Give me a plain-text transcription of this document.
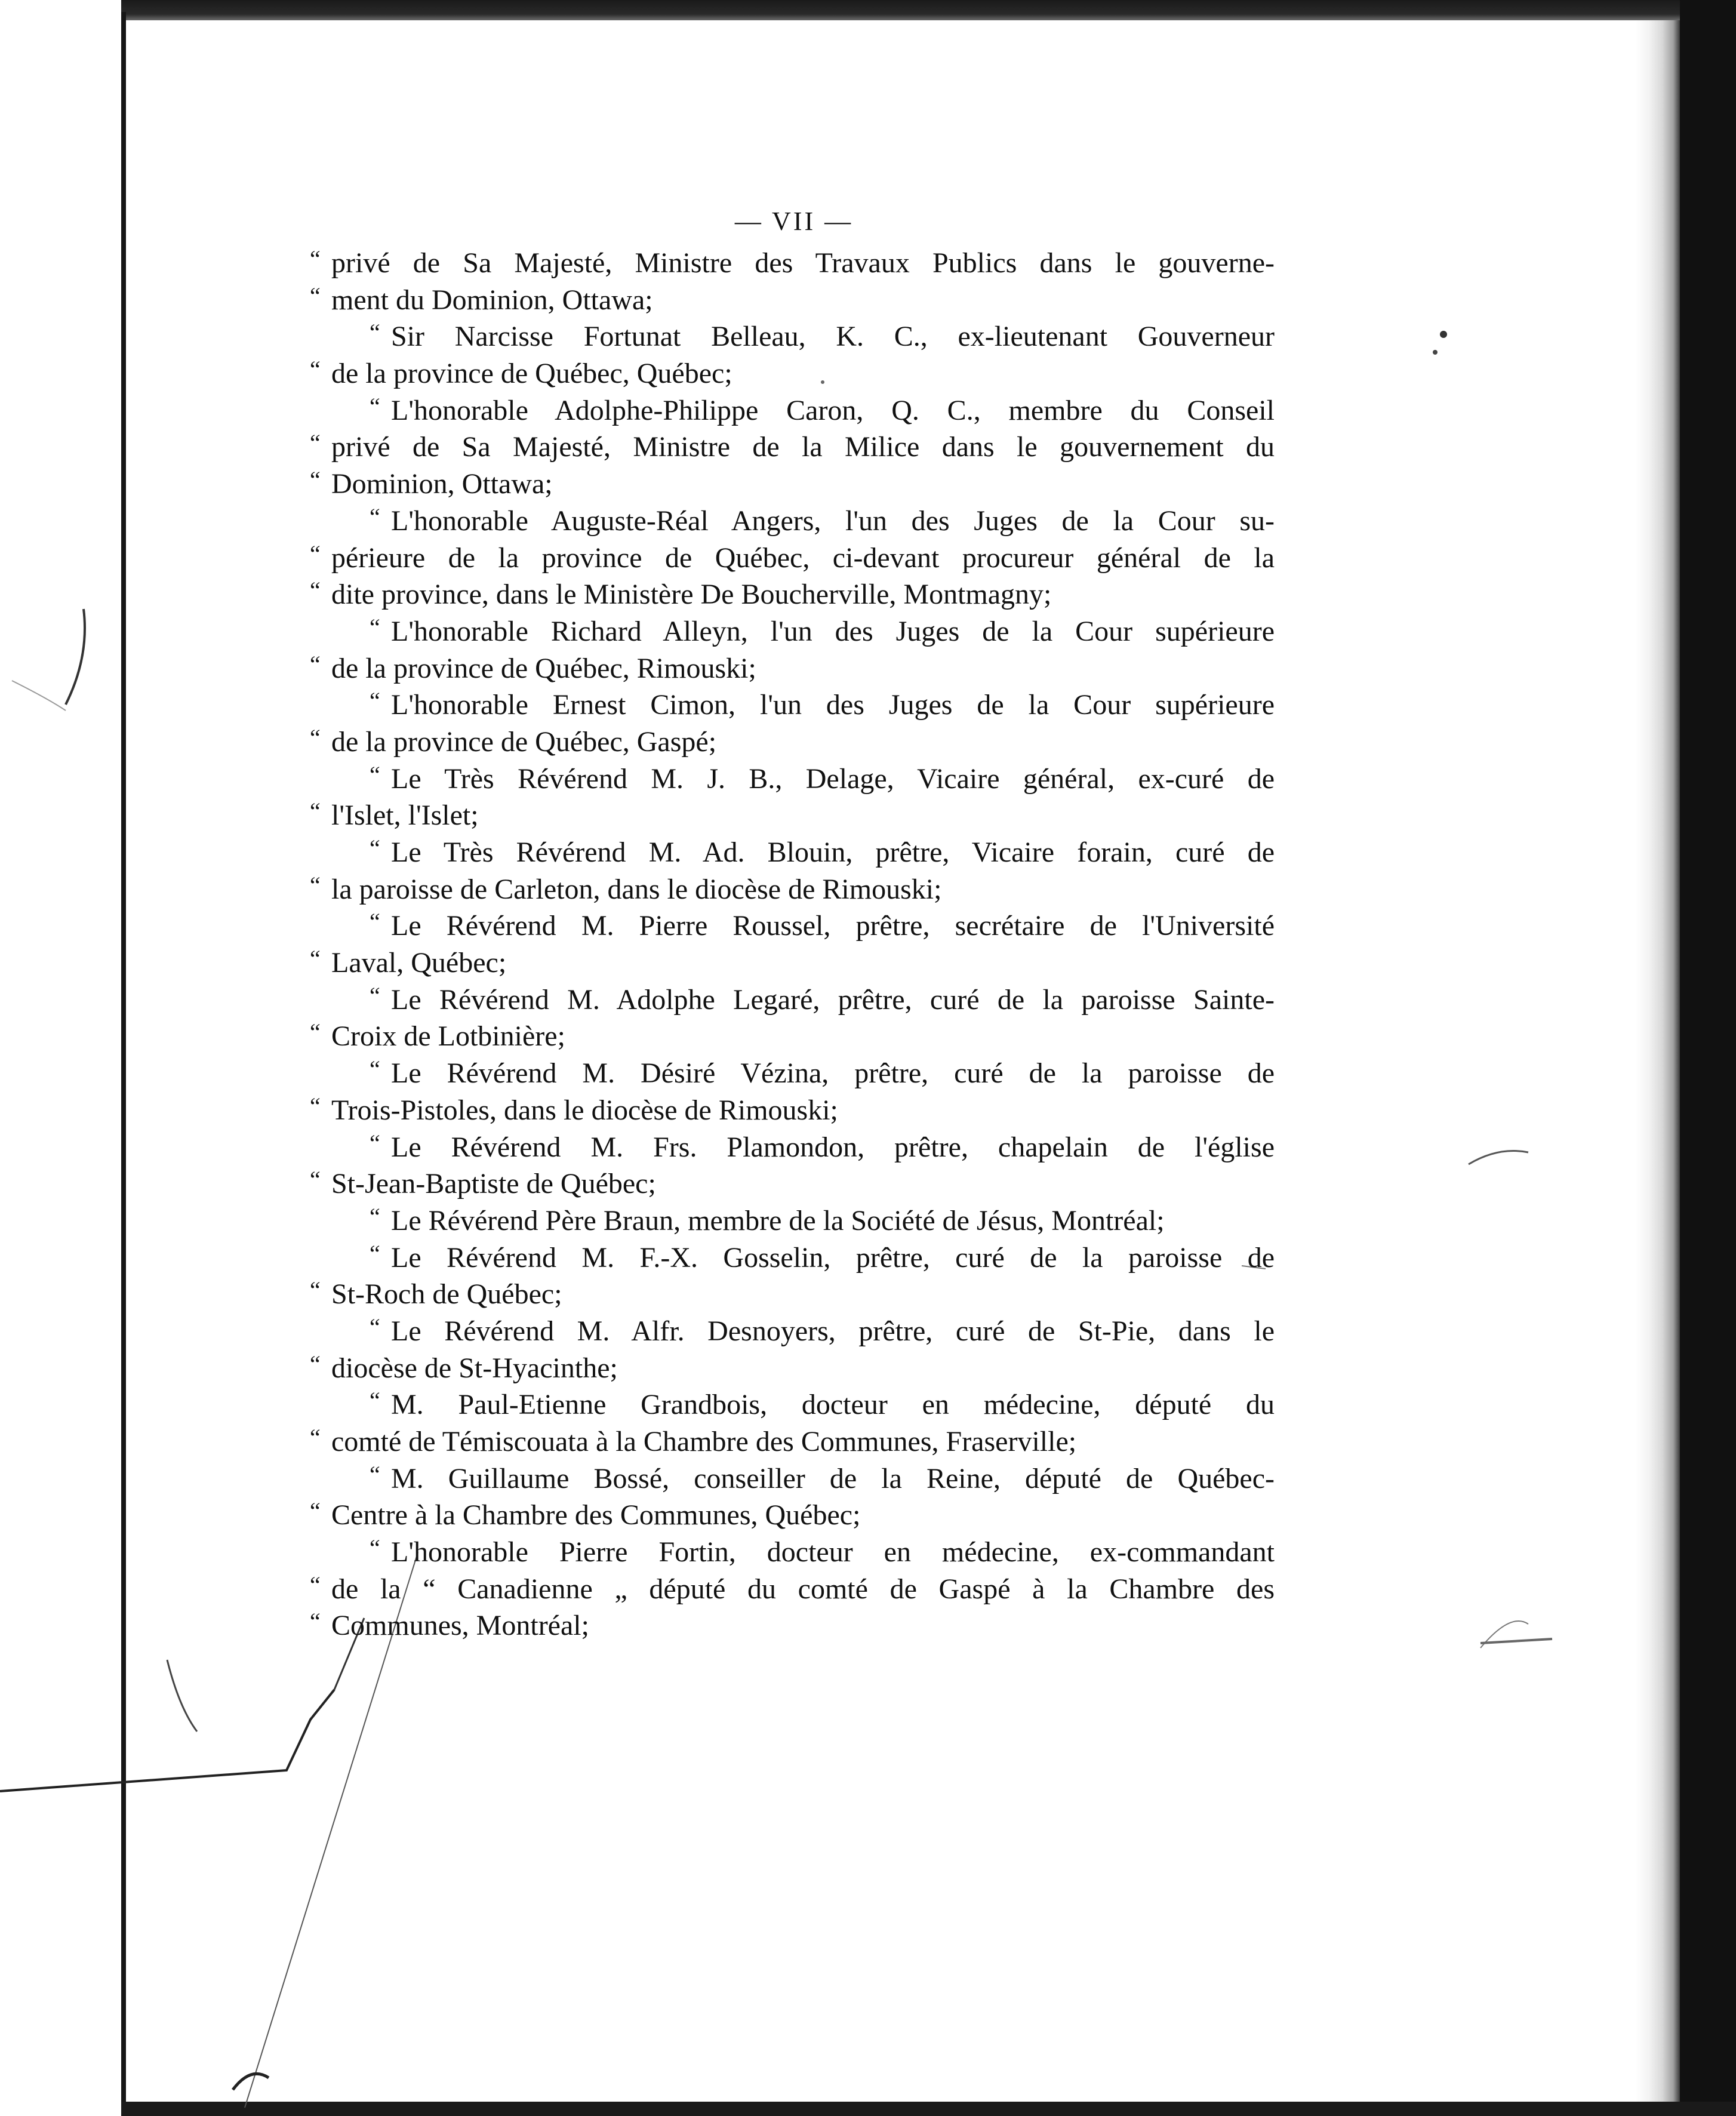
— VII —
“ privé de Sa Majesté, Ministre des Travaux Publics dans le gouverne-
“ ment du Dominion, Ottawa;
“ Sir Narcisse Fortunat Belleau, K. C., ex-lieutenant Gouverneur
“ de la province de Québec, Québec;
“ L'honorable Adolphe-Philippe Caron, Q. C., membre du Conseil
“ privé de Sa Majesté, Ministre de la Milice dans le gouvernement du
“ Dominion, Ottawa;
“ L'honorable Auguste-Réal Angers, l'un des Juges de la Cour su-
“ périeure de la province de Québec, ci-devant procureur général de la
“ dite province, dans le Ministère De Boucherville, Montmagny;
“ L'honorable Richard Alleyn, l'un des Juges de la Cour supérieure
“ de la province de Québec, Rimouski;
“ L'honorable Ernest Cimon, l'un des Juges de la Cour supérieure
“ de la province de Québec, Gaspé;
“ Le Très Révérend M. J. B., Delage, Vicaire général, ex-curé de
“ l'Islet, l'Islet;
“ Le Très Révérend M. Ad. Blouin, prêtre, Vicaire forain, curé de
“ la paroisse de Carleton, dans le diocèse de Rimouski;
“ Le Révérend M. Pierre Roussel, prêtre, secrétaire de l'Université
“ Laval, Québec;
“ Le Révérend M. Adolphe Legaré, prêtre, curé de la paroisse Sainte-
“ Croix de Lotbinière;
“ Le Révérend M. Désiré Vézina, prêtre, curé de la paroisse de
“ Trois-Pistoles, dans le diocèse de Rimouski;
“ Le Révérend M. Frs. Plamondon, prêtre, chapelain de l'église
“ St-Jean-Baptiste de Québec;
“ Le Révérend Père Braun, membre de la Société de Jésus, Montréal;
“ Le Révérend M. F.-X. Gosselin, prêtre, curé de la paroisse de
“ St-Roch de Québec;
“ Le Révérend M. Alfr. Desnoyers, prêtre, curé de St-Pie, dans le
“ diocèse de St-Hyacinthe;
“ M. Paul-Etienne Grandbois, docteur en médecine, député du
“ comté de Témiscouata à la Chambre des Communes, Fraserville;
“ M. Guillaume Bossé, conseiller de la Reine, député de Québec-
“ Centre à la Chambre des Communes, Québec;
“ L'honorable Pierre Fortin, docteur en médecine, ex-commandant
“ de la “ Canadienne „ député du comté de Gaspé à la Chambre des
“ Communes, Montréal;
